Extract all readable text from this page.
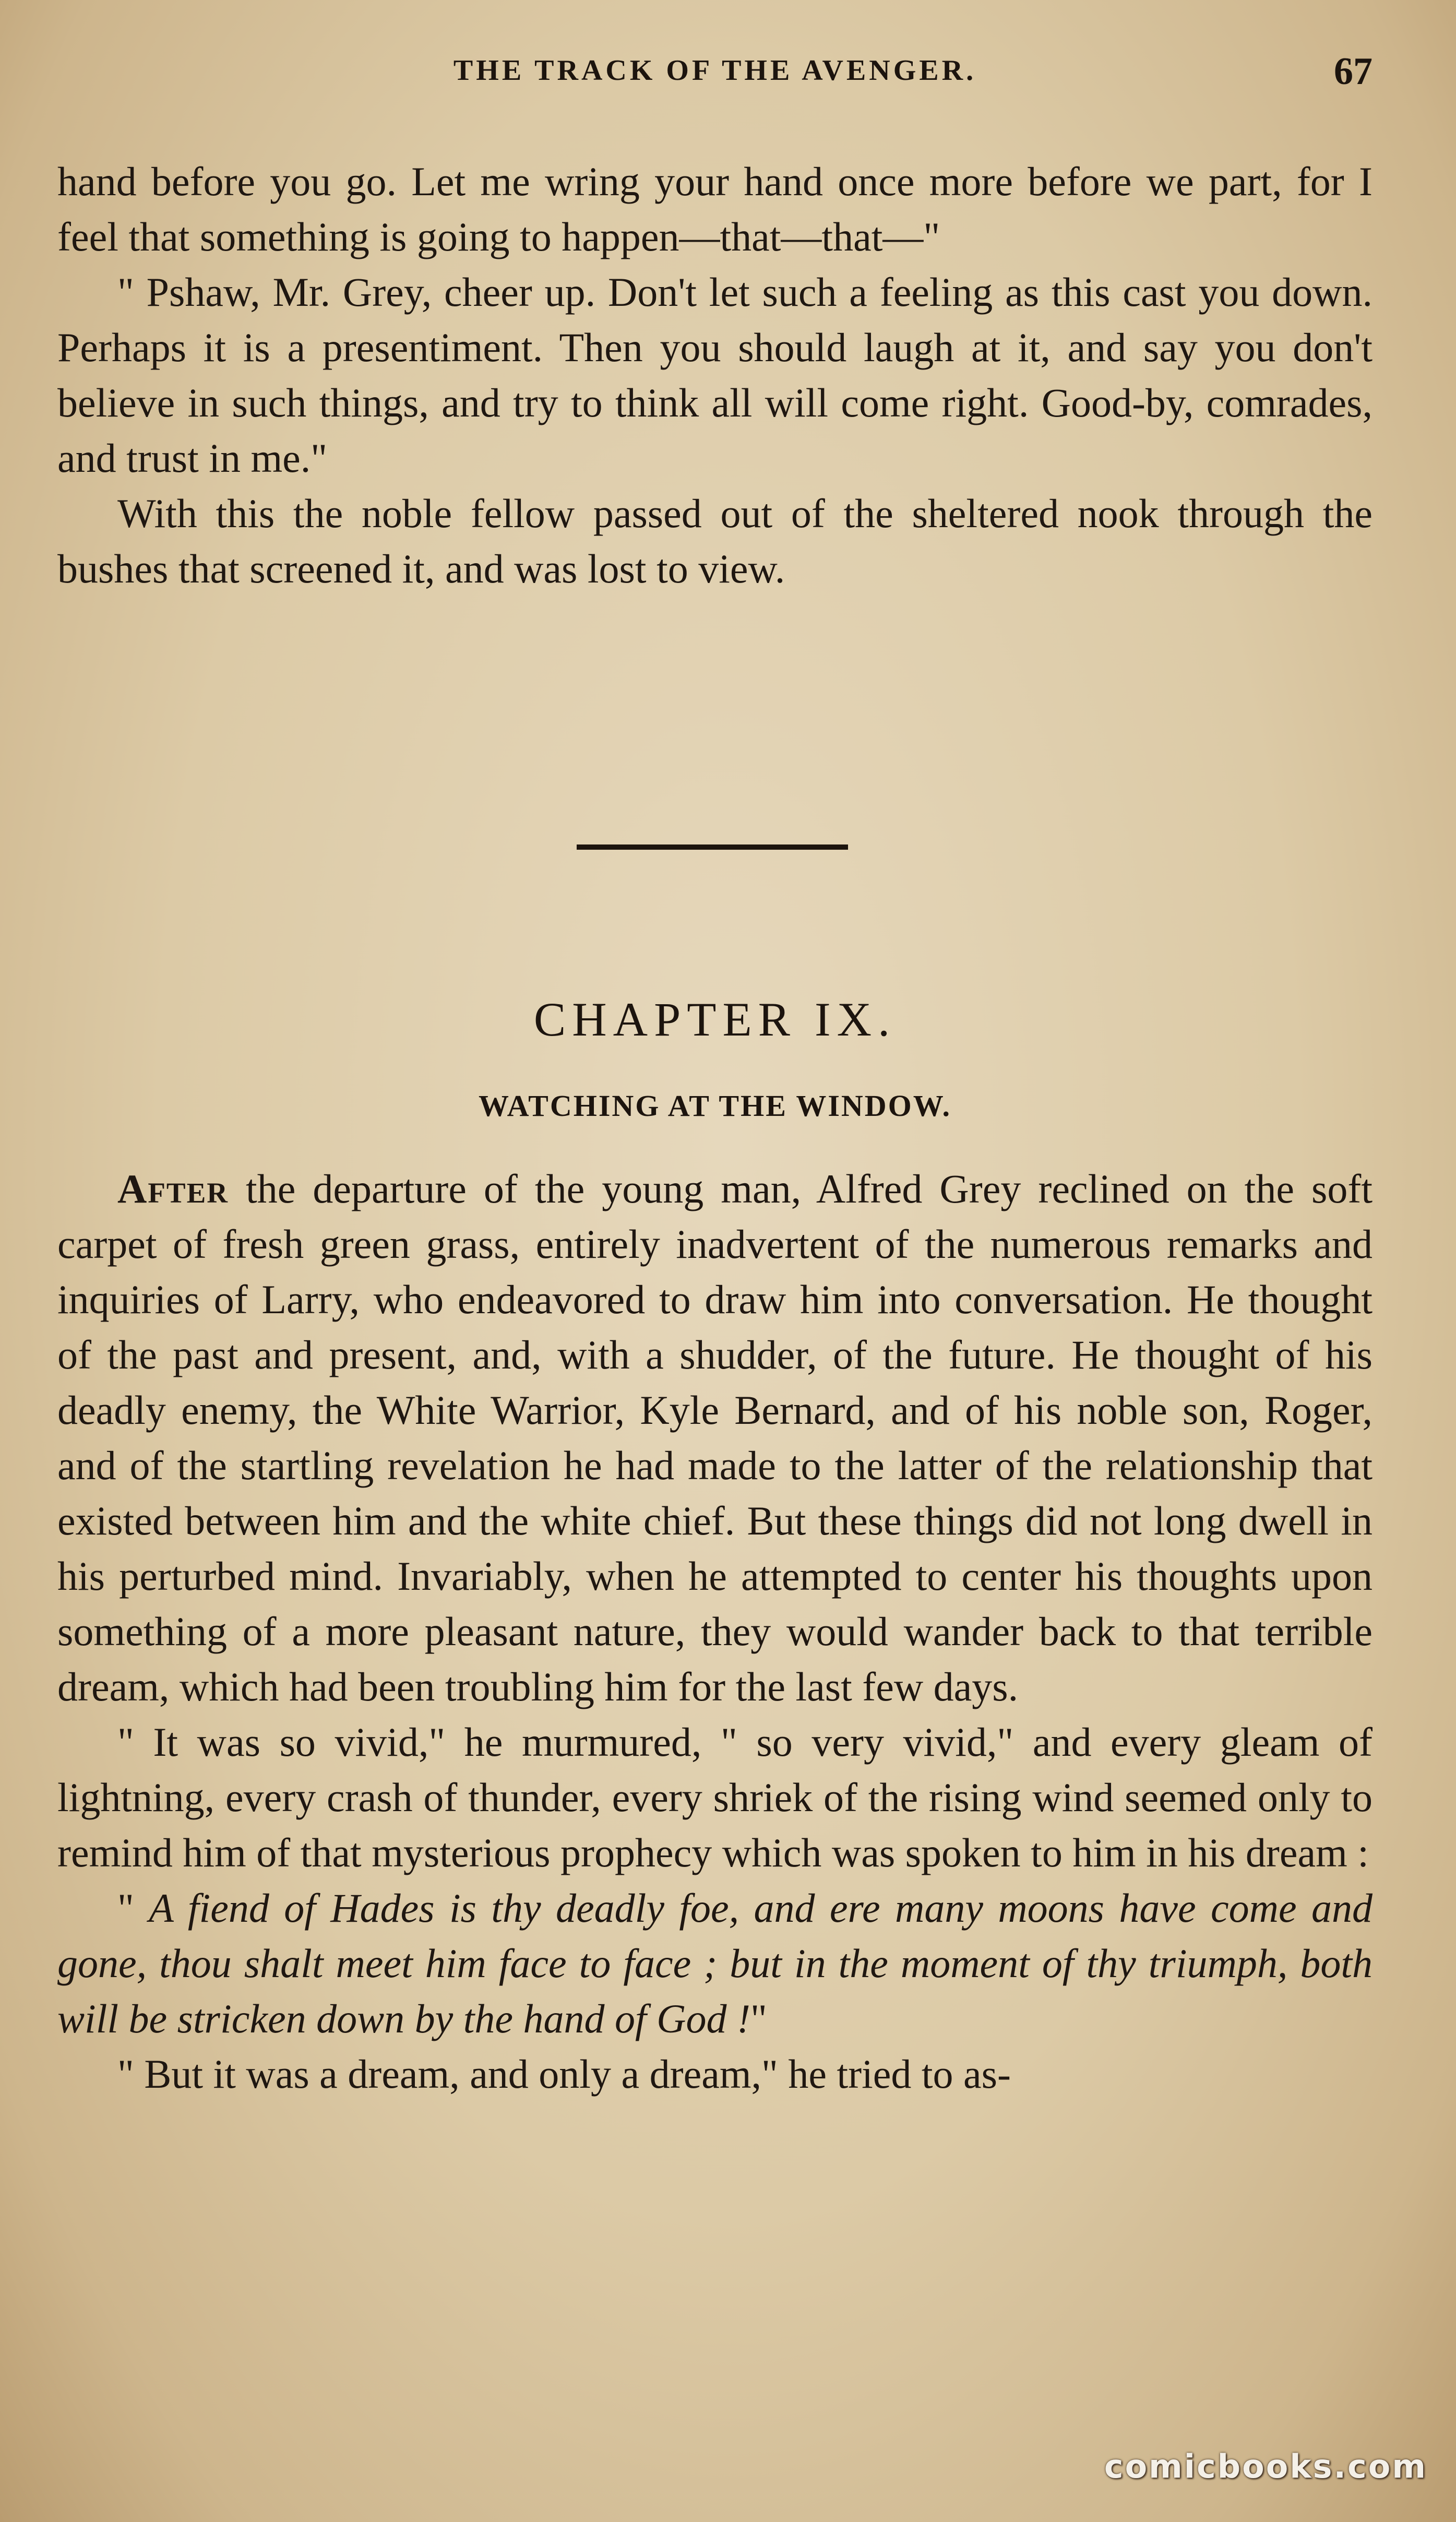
THE TRACK OF THE AVENGER.	67

hand before you go. Let me wring your hand once more before we part, for I feel that something is going to happen—that—that—"

" Pshaw, Mr. Grey, cheer up. Don't let such a feeling as this cast you down. Perhaps it is a presentiment. Then you should laugh at it, and say you don't believe in such things, and try to think all will come right. Good-by, comrades, and trust in me."

With this the noble fellow passed out of the sheltered nook through the bushes that screened it, and was lost to view.

CHAPTER IX.
WATCHING AT THE WINDOW.

After the departure of the young man, Alfred Grey reclined on the soft carpet of fresh green grass, entirely inadvertent of the numerous remarks and inquiries of Larry, who endeavored to draw him into conversation. He thought of the past and present, and, with a shudder, of the future. He thought of his deadly enemy, the White Warrior, Kyle Bernard, and of his noble son, Roger, and of the startling revelation he had made to the latter of the relationship that existed between him and the white chief. But these things did not long dwell in his perturbed mind. Invariably, when he attempted to center his thoughts upon something of a more pleasant nature, they would wander back to that terrible dream, which had been troubling him for the last few days.

" It was so vivid," he murmured, " so very vivid," and every gleam of lightning, every crash of thunder, every shriek of the rising wind seemed only to remind him of that mysterious prophecy which was spoken to him in his dream :

" A fiend of Hades is thy deadly foe, and ere many moons have come and gone, thou shalt meet him face to face ; but in the moment of thy triumph, both will be stricken down by the hand of God !"

" But it was a dream, and only a dream," he tried to as-

comicbooks.com
